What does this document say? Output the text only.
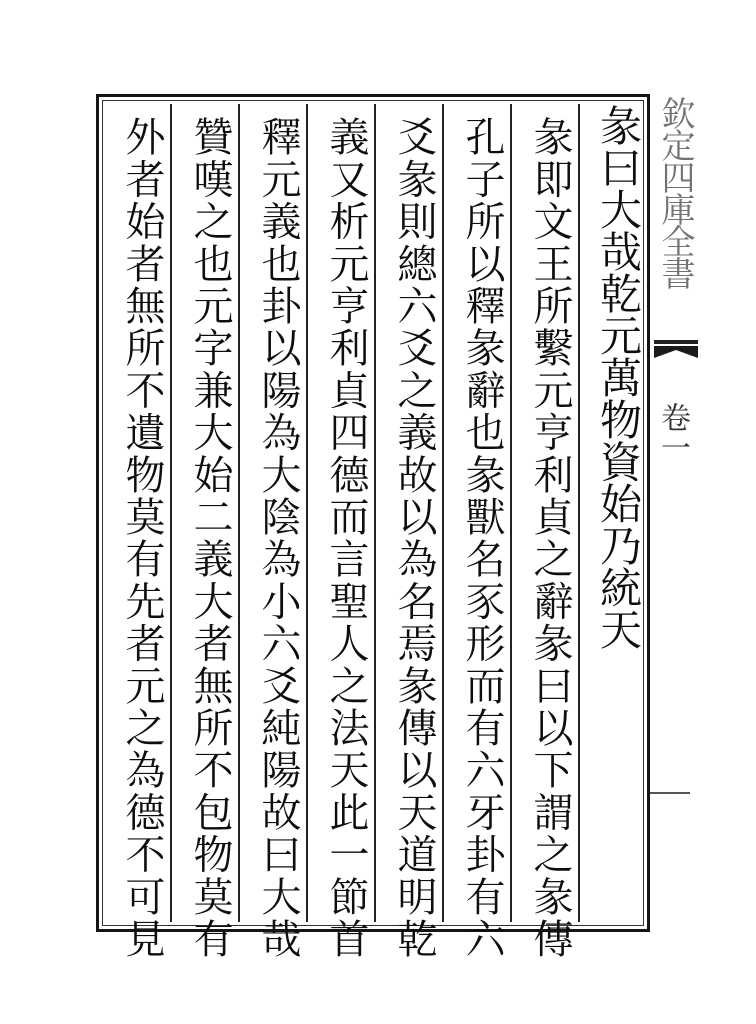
彖曰大哉乾元萬物資始乃統天
彖即文王所繫元亨利貞之辭彖曰以下謂之彖傳
孔子所以釋彖辭也彖獸名豕形而有六牙卦有六
爻彖則總六爻之義故以為名焉彖傳以天道明乾
義又析元亨利貞四德而言聖人之法天此一節首
釋元義也卦以陽為大陰為小六爻純陽故曰大哉
贊嘆之也元字兼大始二義大者無所不包物莫有
外者始者無所不遺物莫有先者元之為德不可見	欽定四庫全書
卷一
